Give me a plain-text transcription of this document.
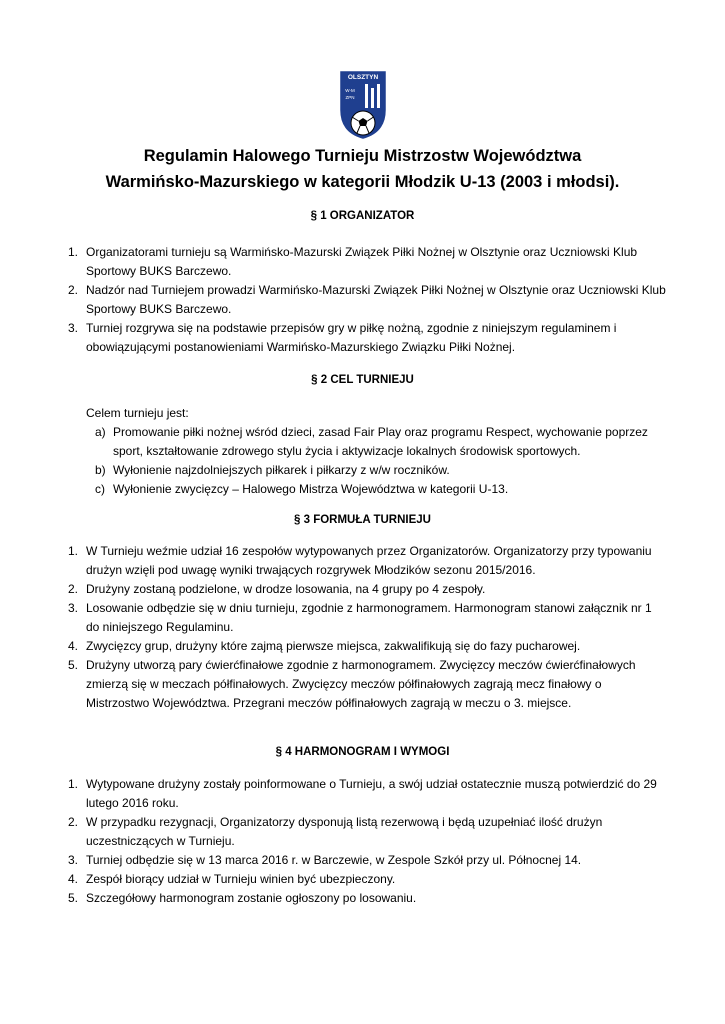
OLSZTYN
W-M
ZPN
Regulamin Halowego Turnieju Mistrzostw Województwa
Warmińsko-Mazurskiego w kategorii Młodzik U-13 (2003 i młodsi).
§ 1 ORGANIZATOR
1. Organizatorami turnieju są Warmińsko-Mazurski Związek Piłki Nożnej w Olsztynie oraz Uczniowski Klub Sportowy BUKS Barczewo.
2. Nadzór nad Turniejem prowadzi Warmińsko-Mazurski Związek Piłki Nożnej w Olsztynie oraz Uczniowski Klub Sportowy BUKS Barczewo.
3. Turniej rozgrywa się na podstawie przepisów gry w piłkę nożną, zgodnie z niniejszym regulaminem i obowiązującymi postanowieniami Warmińsko-Mazurskiego Związku Piłki Nożnej.
§ 2 CEL TURNIEJU
Celem turnieju jest:
a) Promowanie piłki nożnej wśród dzieci, zasad Fair Play oraz programu Respect, wychowanie poprzez sport, kształtowanie zdrowego stylu życia i aktywizacje lokalnych środowisk sportowych.
b) Wyłonienie najzdolniejszych piłkarek i piłkarzy z w/w roczników.
c) Wyłonienie zwycięzcy – Halowego Mistrza Województwa w kategorii U-13.
§ 3 FORMUŁA TURNIEJU
1. W Turnieju weźmie udział 16 zespołów wytypowanych przez Organizatorów. Organizatorzy przy typowaniu drużyn wzięli pod uwagę wyniki trwających rozgrywek Młodzików sezonu 2015/2016.
2. Drużyny zostaną podzielone, w drodze losowania, na 4 grupy po 4 zespoły.
3. Losowanie odbędzie się w dniu turnieju, zgodnie z harmonogramem. Harmonogram stanowi załącznik nr 1 do niniejszego Regulaminu.
4. Zwycięzcy grup, drużyny które zajmą pierwsze miejsca, zakwalifikują się do fazy pucharowej.
5. Drużyny utworzą pary ćwierćfinałowe zgodnie z harmonogramem. Zwycięzcy meczów ćwierćfinałowych zmierzą się w meczach półfinałowych. Zwycięzcy meczów półfinałowych zagrają mecz finałowy o Mistrzostwo Województwa. Przegrani meczów półfinałowych zagrają w meczu o 3. miejsce.
§ 4 HARMONOGRAM I WYMOGI
1. Wytypowane drużyny zostały poinformowane o Turnieju, a swój udział ostatecznie muszą potwierdzić do 29 lutego 2016 roku.
2. W przypadku rezygnacji, Organizatorzy dysponują listą rezerwową i będą uzupełniać ilość drużyn uczestniczących w Turnieju.
3. Turniej odbędzie się w 13 marca 2016 r. w Barczewie, w Zespole Szkół przy ul. Północnej 14.
4. Zespół biorący udział w Turnieju winien być ubezpieczony.
5. Szczegółowy harmonogram zostanie ogłoszony po losowaniu.
